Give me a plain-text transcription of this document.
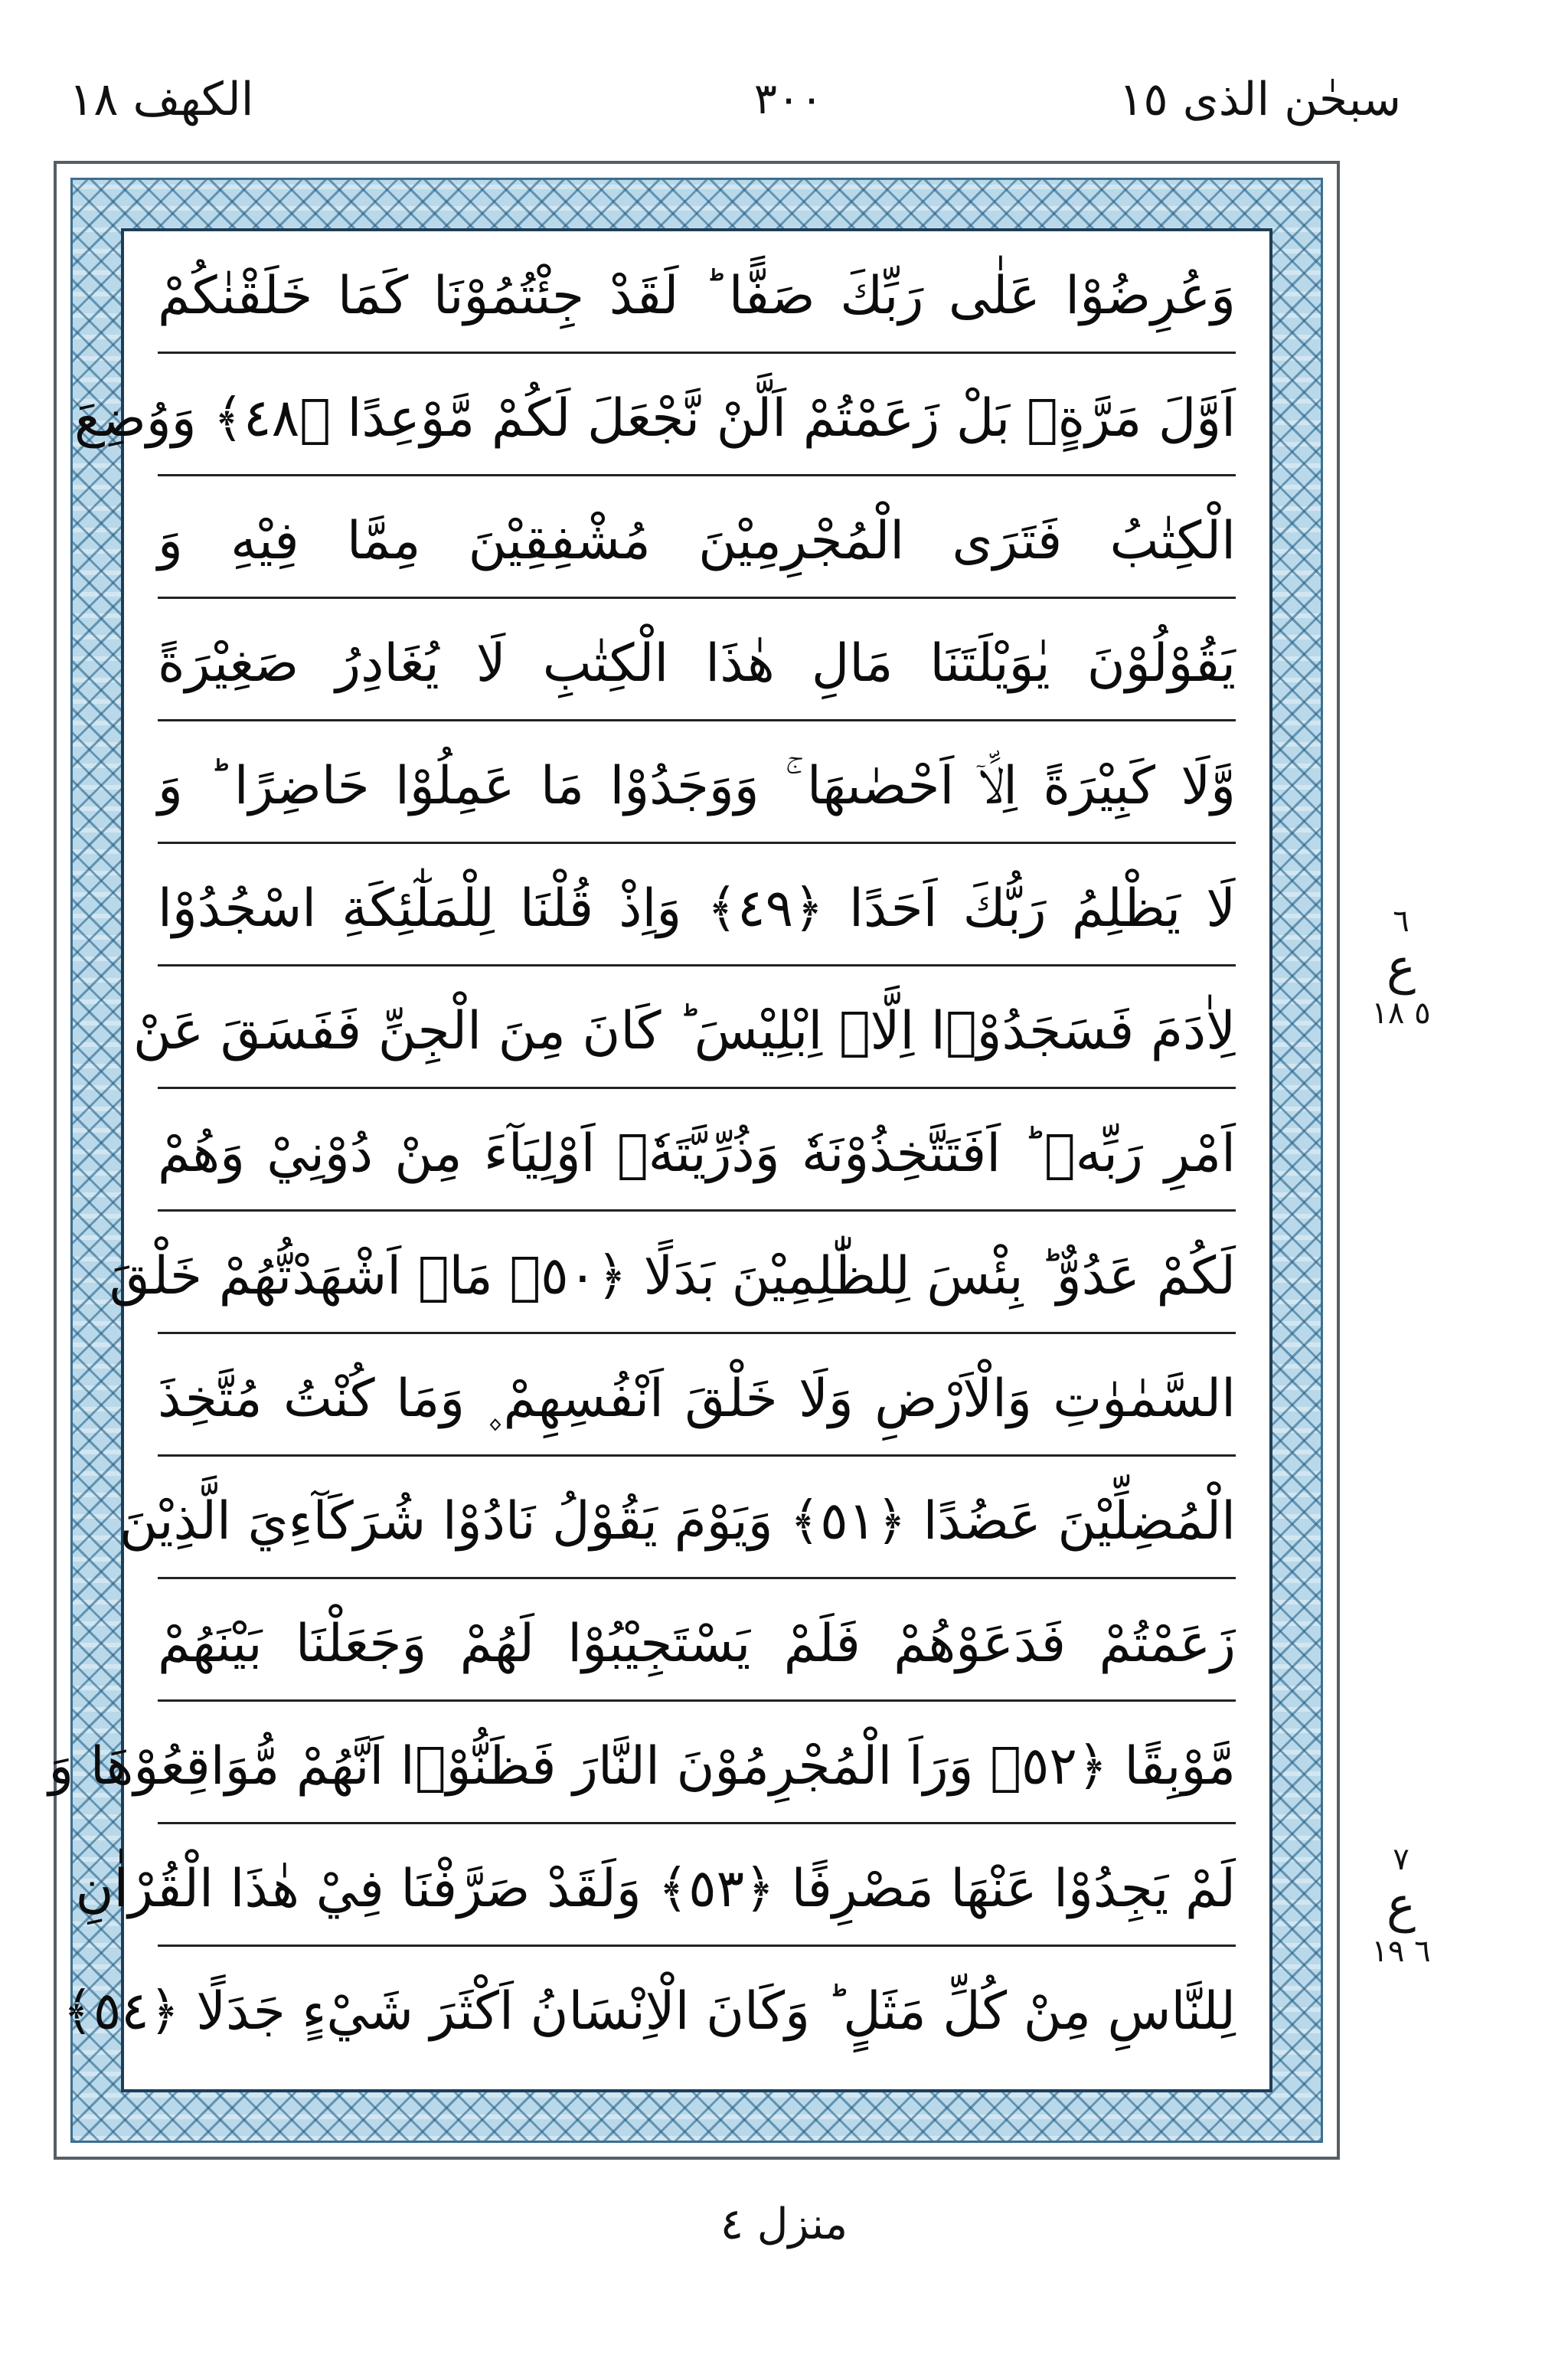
سبحٰن الذی ١٥
٣٠٠
الکھف ١٨
وَعُرِضُوْا عَلٰى رَبِّكَ صَفًّا ؕ لَقَدْ جِئْتُمُوْنَا كَمَا خَلَقْنٰكُمْ
اَوَّلَ مَرَّةٍۭ بَلْ زَعَمْتُمْ اَلَّنْ نَّجْعَلَ لَكُمْ مَّوْعِدًا ﴿٤٨﴾ وَوُضِعَ
الْكِتٰبُ فَتَرَى الْمُجْرِمِيْنَ مُشْفِقِيْنَ مِمَّا فِيْهِ وَ
يَقُوْلُوْنَ يٰوَيْلَتَنَا مَالِ هٰذَا الْكِتٰبِ لَا يُغَادِرُ صَغِيْرَةً
وَّلَا كَبِيْرَةً اِلَّاۤ اَحْصٰىهَا ۚ وَوَجَدُوْا مَا عَمِلُوْا حَاضِرًا ؕ وَ
لَا يَظْلِمُ رَبُّكَ اَحَدًا ﴿٤٩﴾ وَاِذْ قُلْنَا لِلْمَلٰٓئِكَةِ اسْجُدُوْا
لِاٰدَمَ فَسَجَدُوْۤا اِلَّاۤ اِبْلِيْسَ ؕ كَانَ مِنَ الْجِنِّ فَفَسَقَ عَنْ
اَمْرِ رَبِّهٖ ؕ اَفَتَتَّخِذُوْنَهٗ وَذُرِّيَّتَهٗۤ اَوْلِيَآءَ مِنْ دُوْنِيْ وَهُمْ
لَكُمْ عَدُوٌّ ؕ بِئْسَ لِلظّٰلِمِيْنَ بَدَلًا ﴿٥٠﴾ مَاۤ اَشْهَدْتُّهُمْ خَلْقَ
السَّمٰوٰتِ وَالْاَرْضِ وَلَا خَلْقَ اَنْفُسِهِمْ ۪ وَمَا كُنْتُ مُتَّخِذَ
الْمُضِلِّيْنَ عَضُدًا ﴿٥١﴾ وَيَوْمَ يَقُوْلُ نَادُوْا شُرَكَآءِيَ الَّذِيْنَ
زَعَمْتُمْ فَدَعَوْهُمْ فَلَمْ يَسْتَجِيْبُوْا لَهُمْ وَجَعَلْنَا بَيْنَهُمْ
مَّوْبِقًا ﴿٥٢﴾ وَرَاَ الْمُجْرِمُوْنَ النَّارَ فَظَنُّوْۤا اَنَّهُمْ مُّوَاقِعُوْهَا وَ
لَمْ يَجِدُوْا عَنْهَا مَصْرِفًا ﴿٥٣﴾ وَلَقَدْ صَرَّفْنَا فِيْ هٰذَا الْقُرْاٰنِ
لِلنَّاسِ مِنْ كُلِّ مَثَلٍ ؕ وَكَانَ الْاِنْسَانُ اَكْثَرَ شَيْءٍ جَدَلًا ﴿٥٤﴾
٦
ع
٥ ١٨
٧
ع
٦ ١٩
منزل ٤
